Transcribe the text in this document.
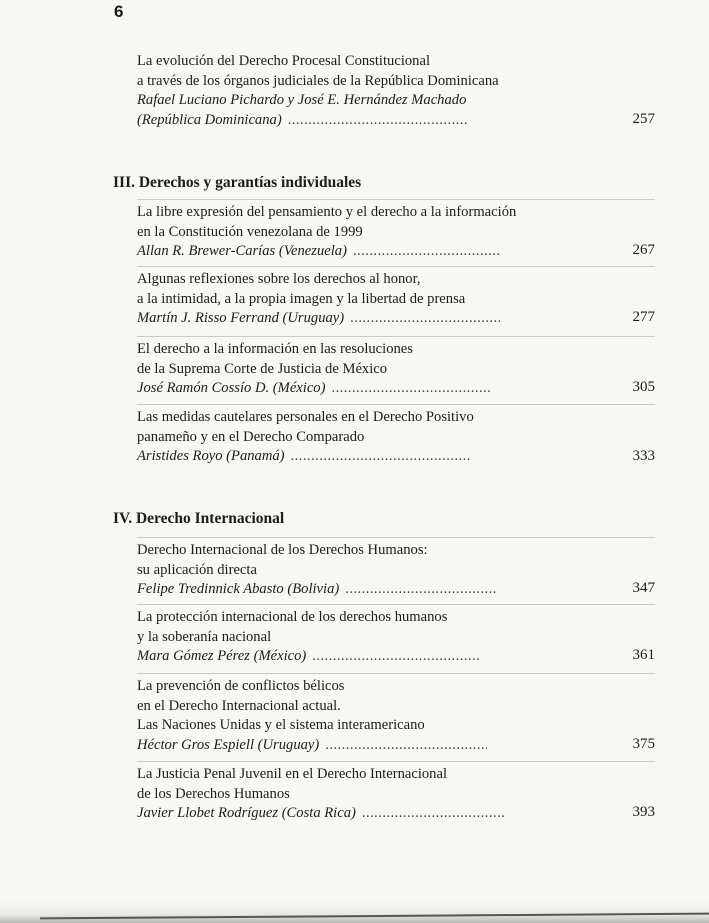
6
La evolución del Derecho Procesal Constitucional
a través de los órganos judiciales de la República Dominicana
Rafael Luciano Pichardo y José E. Hernández Machado
(República Dominicana) . . .	257
III. Derechos y garantías individuales
La libre expresión del pensamiento y el derecho a la información
en la Constitución venezolana de 1999
Allan R. Brewer-Carías (Venezuela) . . .	267
Algunas reflexiones sobre los derechos al honor,
a la intimidad, a la propia imagen y la libertad de prensa
Martín J. Risso Ferrand (Uruguay) . . .	277
El derecho a la información en las resoluciones
de la Suprema Corte de Justicia de México
José Ramón Cossío D. (México) . . .	305
Las medidas cautelares personales en el Derecho Positivo
panameño y en el Derecho Comparado
Aristides Royo (Panamá) . . .	333
IV. Derecho Internacional
Derecho Internacional de los Derechos Humanos:
su aplicación directa
Felipe Tredinnick Abasto (Bolivia) . . .	347
La protección internacional de los derechos humanos
y la soberanía nacional
Mara Gómez Pérez (México) . . .	361
La prevención de conflictos bélicos
en el Derecho Internacional actual.
Las Naciones Unidas y el sistema interamericano
Héctor Gros Espiell (Uruguay) . . .	375
La Justicia Penal Juvenil en el Derecho Internacional
de los Derechos Humanos
Javier Llobet Rodríguez (Costa Rica) . . .	393
